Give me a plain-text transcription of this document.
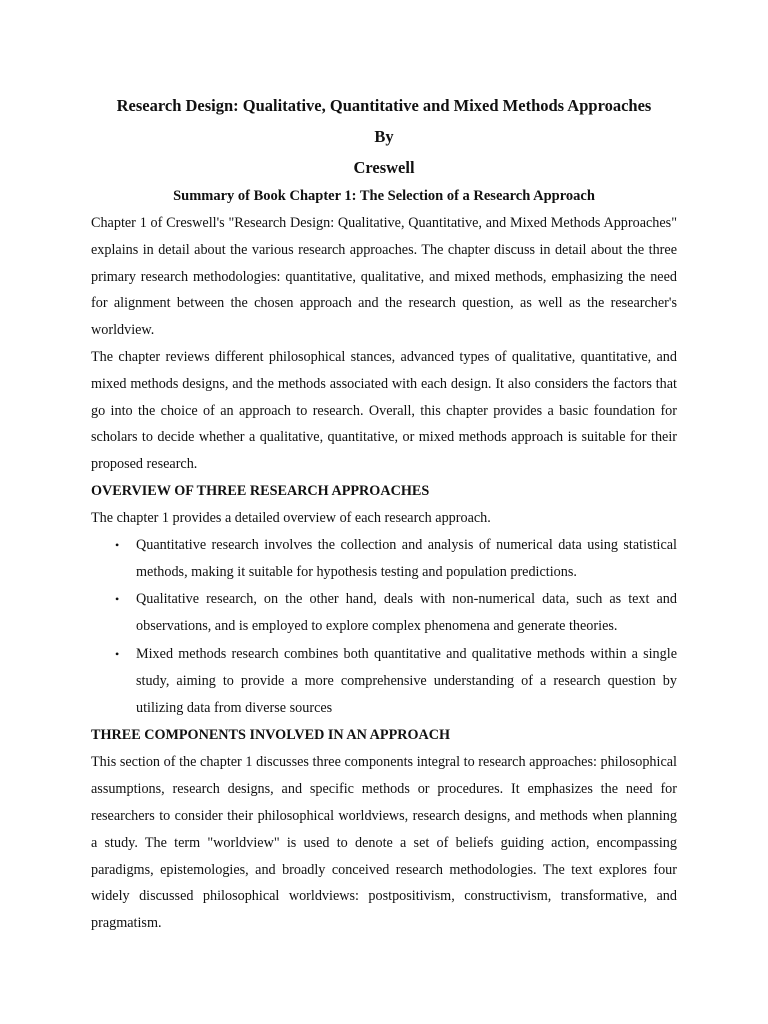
Research Design: Qualitative, Quantitative and Mixed Methods Approaches
By
Creswell
Summary of Book Chapter 1: The Selection of a Research Approach

Chapter 1 of Creswell's "Research Design: Qualitative, Quantitative, and Mixed Methods Approaches" explains in detail about the various research approaches. The chapter discuss in detail about the three primary research methodologies: quantitative, qualitative, and mixed methods, emphasizing the need for alignment between the chosen approach and the research question, as well as the researcher's worldview.

The chapter reviews different philosophical stances, advanced types of qualitative, quantitative, and mixed methods designs, and the methods associated with each design. It also considers the factors that go into the choice of an approach to research. Overall, this chapter provides a basic foundation for scholars to decide whether a qualitative, quantitative, or mixed methods approach is suitable for their proposed research.

OVERVIEW OF THREE RESEARCH APPROACHES

The chapter 1 provides a detailed overview of each research approach.

• Quantitative research involves the collection and analysis of numerical data using statistical methods, making it suitable for hypothesis testing and population predictions.
• Qualitative research, on the other hand, deals with non-numerical data, such as text and observations, and is employed to explore complex phenomena and generate theories.
• Mixed methods research combines both quantitative and qualitative methods within a single study, aiming to provide a more comprehensive understanding of a research question by utilizing data from diverse sources
THREE COMPONENTS INVOLVED IN AN APPROACH

This section of the chapter 1 discusses three components integral to research approaches: philosophical assumptions, research designs, and specific methods or procedures. It emphasizes the need for researchers to consider their philosophical worldviews, research designs, and methods when planning a study. The term "worldview" is used to denote a set of beliefs guiding action, encompassing paradigms, epistemologies, and broadly conceived research methodologies. The text explores four widely discussed philosophical worldviews: postpositivism, constructivism, transformative, and pragmatism.
